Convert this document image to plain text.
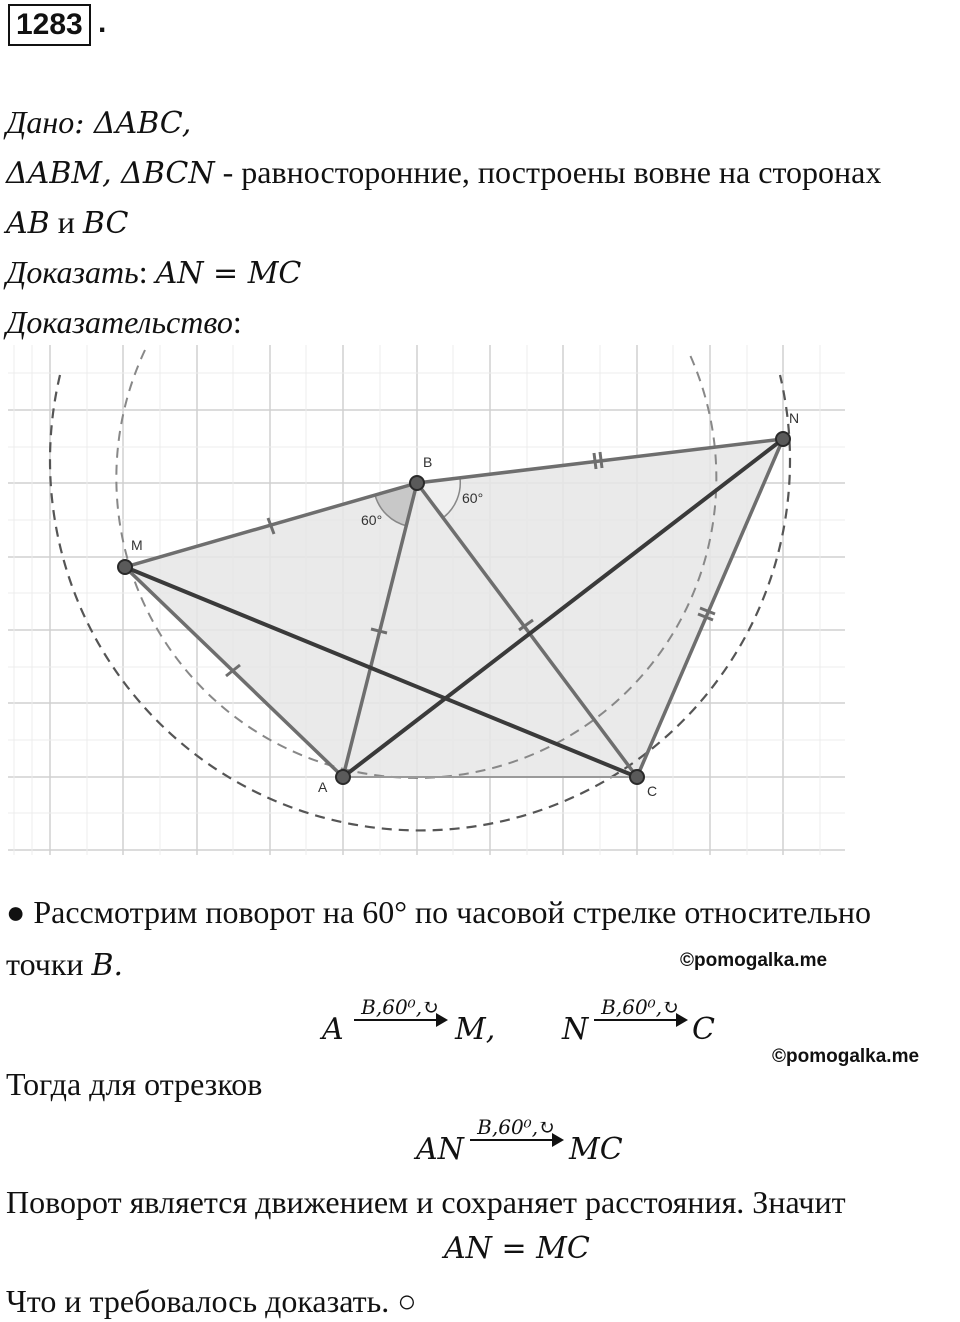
1283 .
Дано: ΔABC,
ΔABM, ΔBCN - равносторонние, построены вовне на сторонах
AB и BC
Доказать: AN = MC
Доказательство:
M
B
N
A	C
60°
60°
● Рассмотрим поворот на 60° по часовой стрелке относительно
точки B.	©pomogalka.me
A
B,60⁰,↻
M, N
B,60⁰,↻
C
©pomogalka.me
Тогда для отрезков
AN
B,60⁰,↻
MC
Поворот является движением и сохраняет расстояния. Значит
AN = MC
Что и требовалось доказать. ○
